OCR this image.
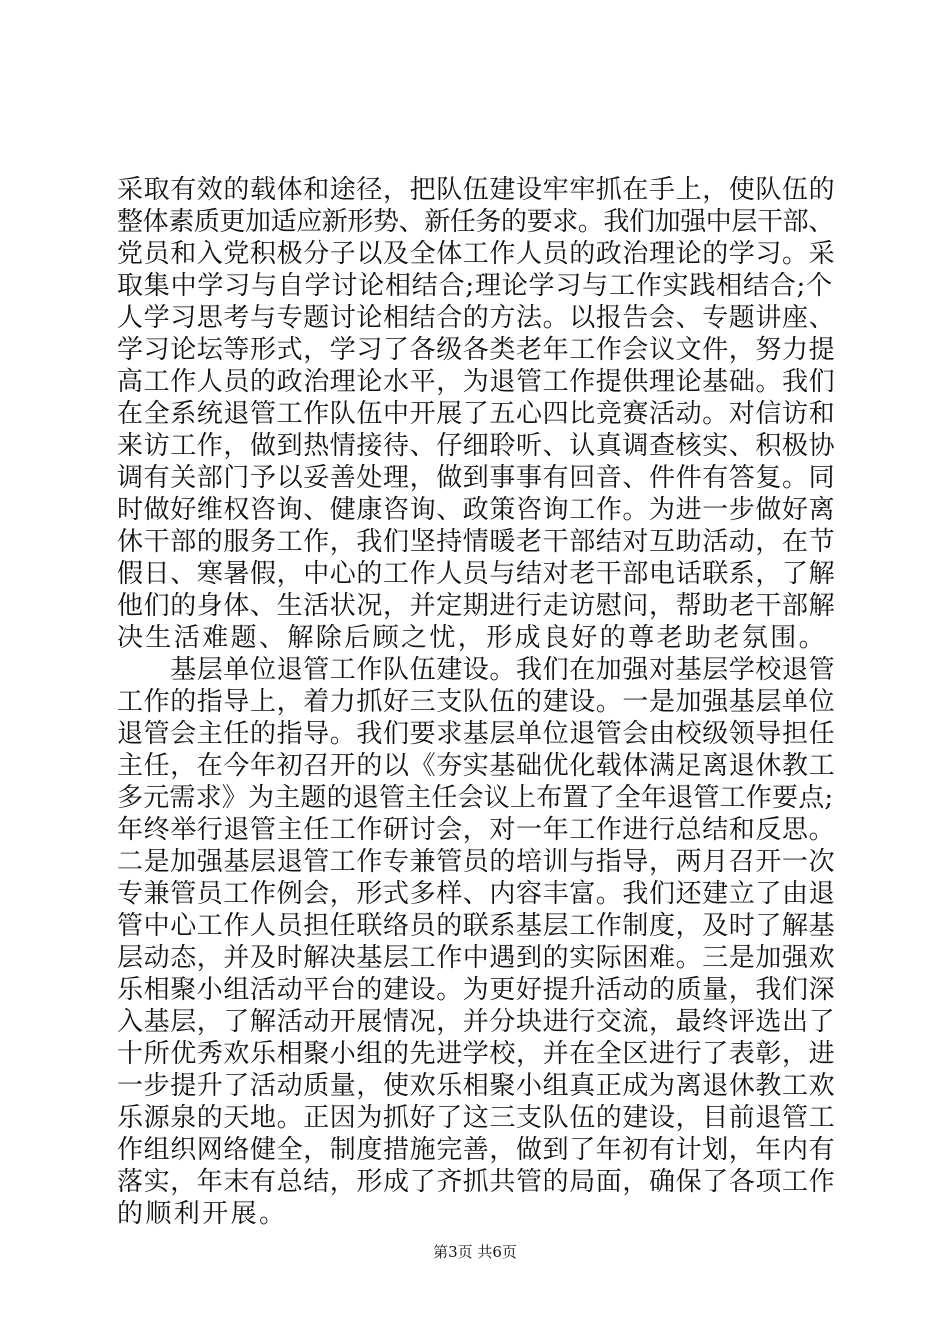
采取有效的载体和途径，把队伍建设牢牢抓在手上，使队伍的
整体素质更加适应新形势、新任务的要求。我们加强中层干部、
党员和入党积极分子以及全体工作人员的政治理论的学习。采
取集中学习与自学讨论相结合;理论学习与工作实践相结合;个
人学习思考与专题讨论相结合的方法。以报告会、专题讲座、
学习论坛等形式，学习了各级各类老年工作会议文件，努力提
高工作人员的政治理论水平，为退管工作提供理论基础。我们
在全系统退管工作队伍中开展了五心四比竞赛活动。对信访和
来访工作，做到热情接待、仔细聆听、认真调查核实、积极协
调有关部门予以妥善处理，做到事事有回音、件件有答复。同
时做好维权咨询、健康咨询、政策咨询工作。为进一步做好离
休干部的服务工作，我们坚持情暖老干部结对互助活动，在节
假日、寒暑假，中心的工作人员与结对老干部电话联系，了解
他们的身体、生活状况，并定期进行走访慰问，帮助老干部解
决生活难题、解除后顾之忧，形成良好的尊老助老氛围。
　　基层单位退管工作队伍建设。我们在加强对基层学校退管
工作的指导上，着力抓好三支队伍的建设。一是加强基层单位
退管会主任的指导。我们要求基层单位退管会由校级领导担任
主任，在今年初召开的以《夯实基础优化载体满足离退休教工
多元需求》为主题的退管主任会议上布置了全年退管工作要点;
年终举行退管主任工作研讨会，对一年工作进行总结和反思。
二是加强基层退管工作专兼管员的培训与指导，两月召开一次
专兼管员工作例会，形式多样、内容丰富。我们还建立了由退
管中心工作人员担任联络员的联系基层工作制度，及时了解基
层动态，并及时解决基层工作中遇到的实际困难。三是加强欢
乐相聚小组活动平台的建设。为更好提升活动的质量，我们深
入基层，了解活动开展情况，并分块进行交流，最终评选出了
十所优秀欢乐相聚小组的先进学校，并在全区进行了表彰，进
一步提升了活动质量，使欢乐相聚小组真正成为离退休教工欢
乐源泉的天地。正因为抓好了这三支队伍的建设，目前退管工
作组织网络健全，制度措施完善，做到了年初有计划，年内有
落实，年末有总结，形成了齐抓共管的局面，确保了各项工作
的顺利开展。
第3页 共6页
